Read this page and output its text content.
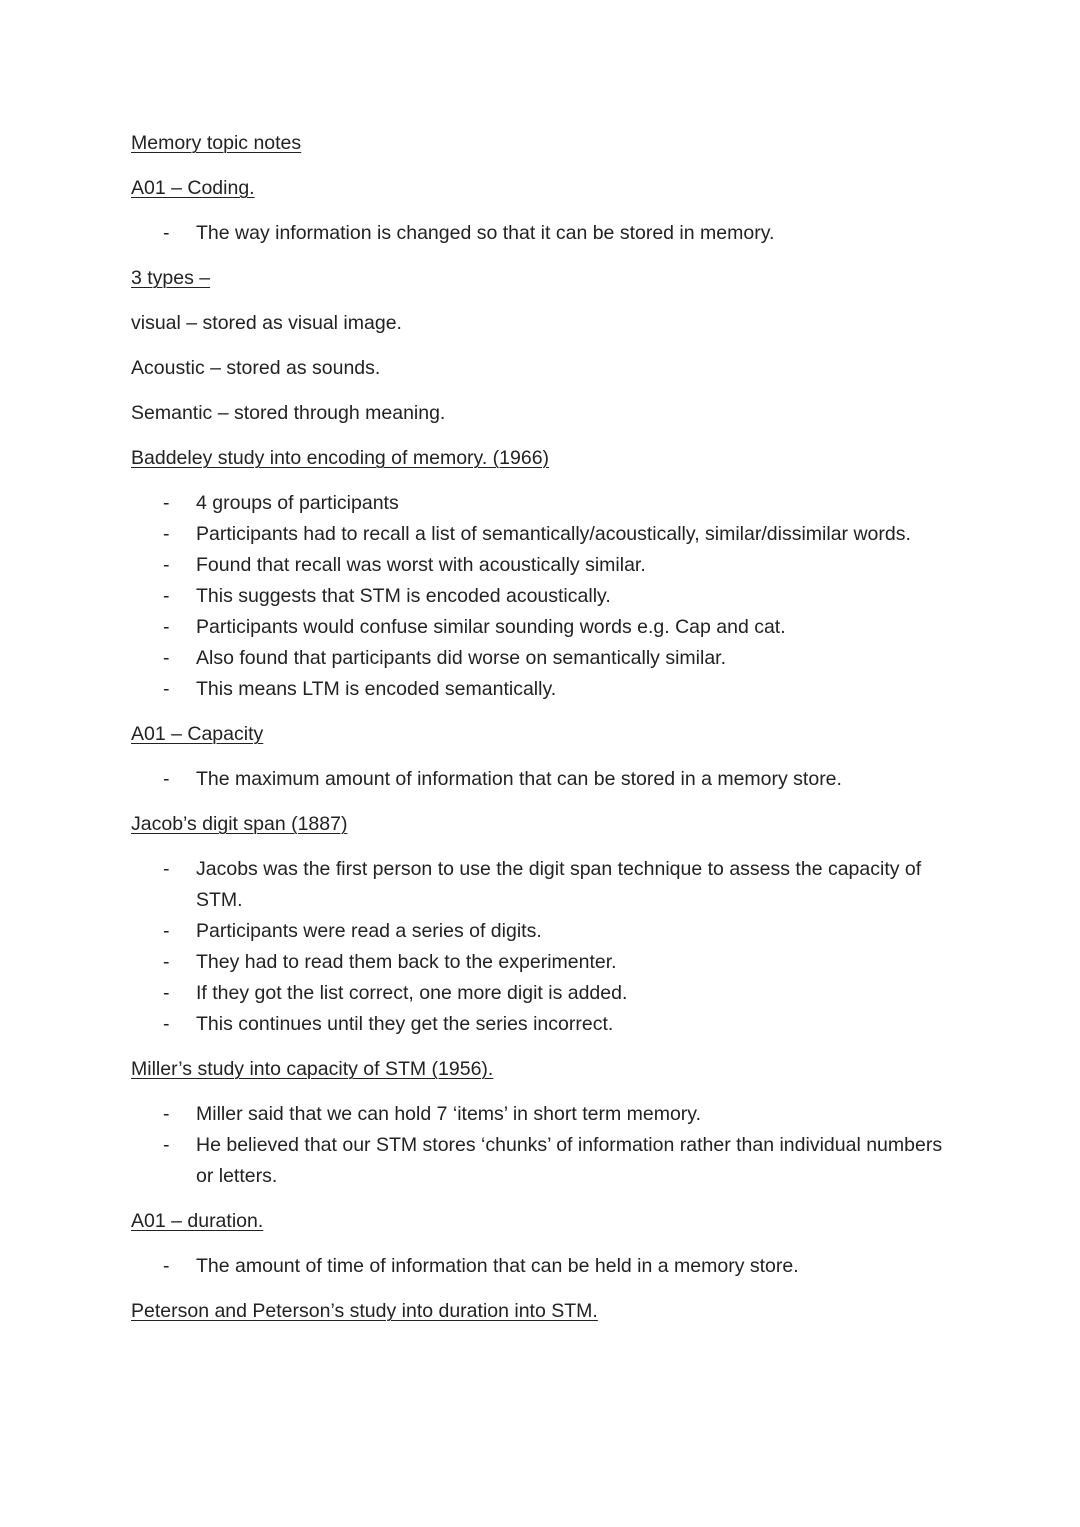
Memory topic notes
A01 – Coding.
- The way information is changed so that it can be stored in memory.
3 types –
visual – stored as visual image.
Acoustic – stored as sounds.
Semantic – stored through meaning.
Baddeley study into encoding of memory. (1966)
- 4 groups of participants
- Participants had to recall a list of semantically/acoustically, similar/dissimilar words.
- Found that recall was worst with acoustically similar.
- This suggests that STM is encoded acoustically.
- Participants would confuse similar sounding words e.g. Cap and cat.
- Also found that participants did worse on semantically similar.
- This means LTM is encoded semantically.
A01 – Capacity
- The maximum amount of information that can be stored in a memory store.
Jacob’s digit span (1887)
- Jacobs was the first person to use the digit span technique to assess the capacity of STM.
- Participants were read a series of digits.
- They had to read them back to the experimenter.
- If they got the list correct, one more digit is added.
- This continues until they get the series incorrect.
Miller’s study into capacity of STM (1956).
- Miller said that we can hold 7 ‘items’ in short term memory.
- He believed that our STM stores ‘chunks’ of information rather than individual numbers or letters.
A01 – duration.
- The amount of time of information that can be held in a memory store.
Peterson and Peterson’s study into duration into STM.
